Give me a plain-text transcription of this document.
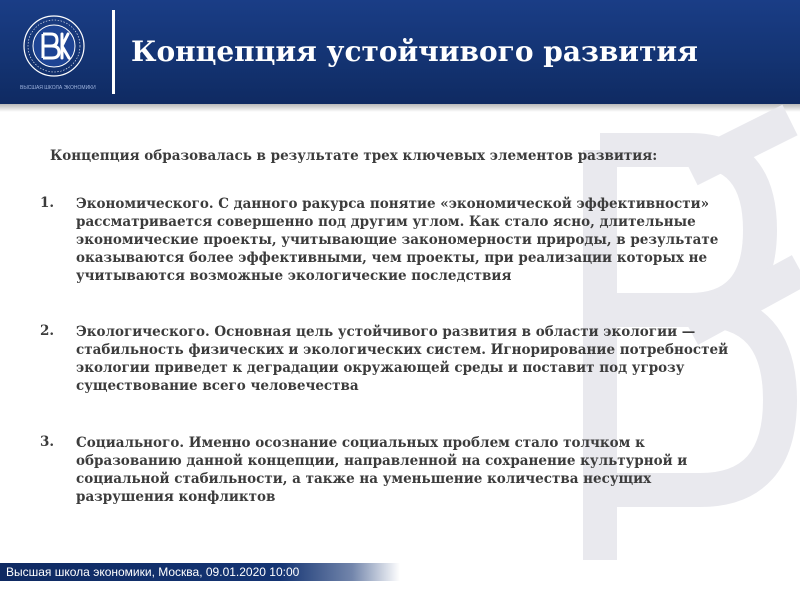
ВЫСШАЯ ШКОЛА ЭКОНОМИКИ
Концепция устойчивого развития

Концепция образовалась в результате трех ключевых элементов развития:

1. Экономического. С данного ракурса понятие «экономической эффективности» рассматривается совершенно под другим углом. Как стало ясно, длительные экономические проекты, учитывающие закономерности природы, в результате оказываются более эффективными, чем проекты, при реализации которых не учитываются возможные экологические последствия

2. Экологического. Основная цель устойчивого развития в области экологии — стабильность физических и экологических систем. Игнорирование потребностей экологии приведет к деградации окружающей среды и поставит под угрозу существование всего человечества

3. Социального. Именно осознание социальных проблем стало толчком к образованию данной концепции, направленной на сохранение культурной и социальной стабильности, а также на уменьшение количества несущих разрушения конфликтов

Высшая школа экономики, Москва, 09.01.2020 10:00
